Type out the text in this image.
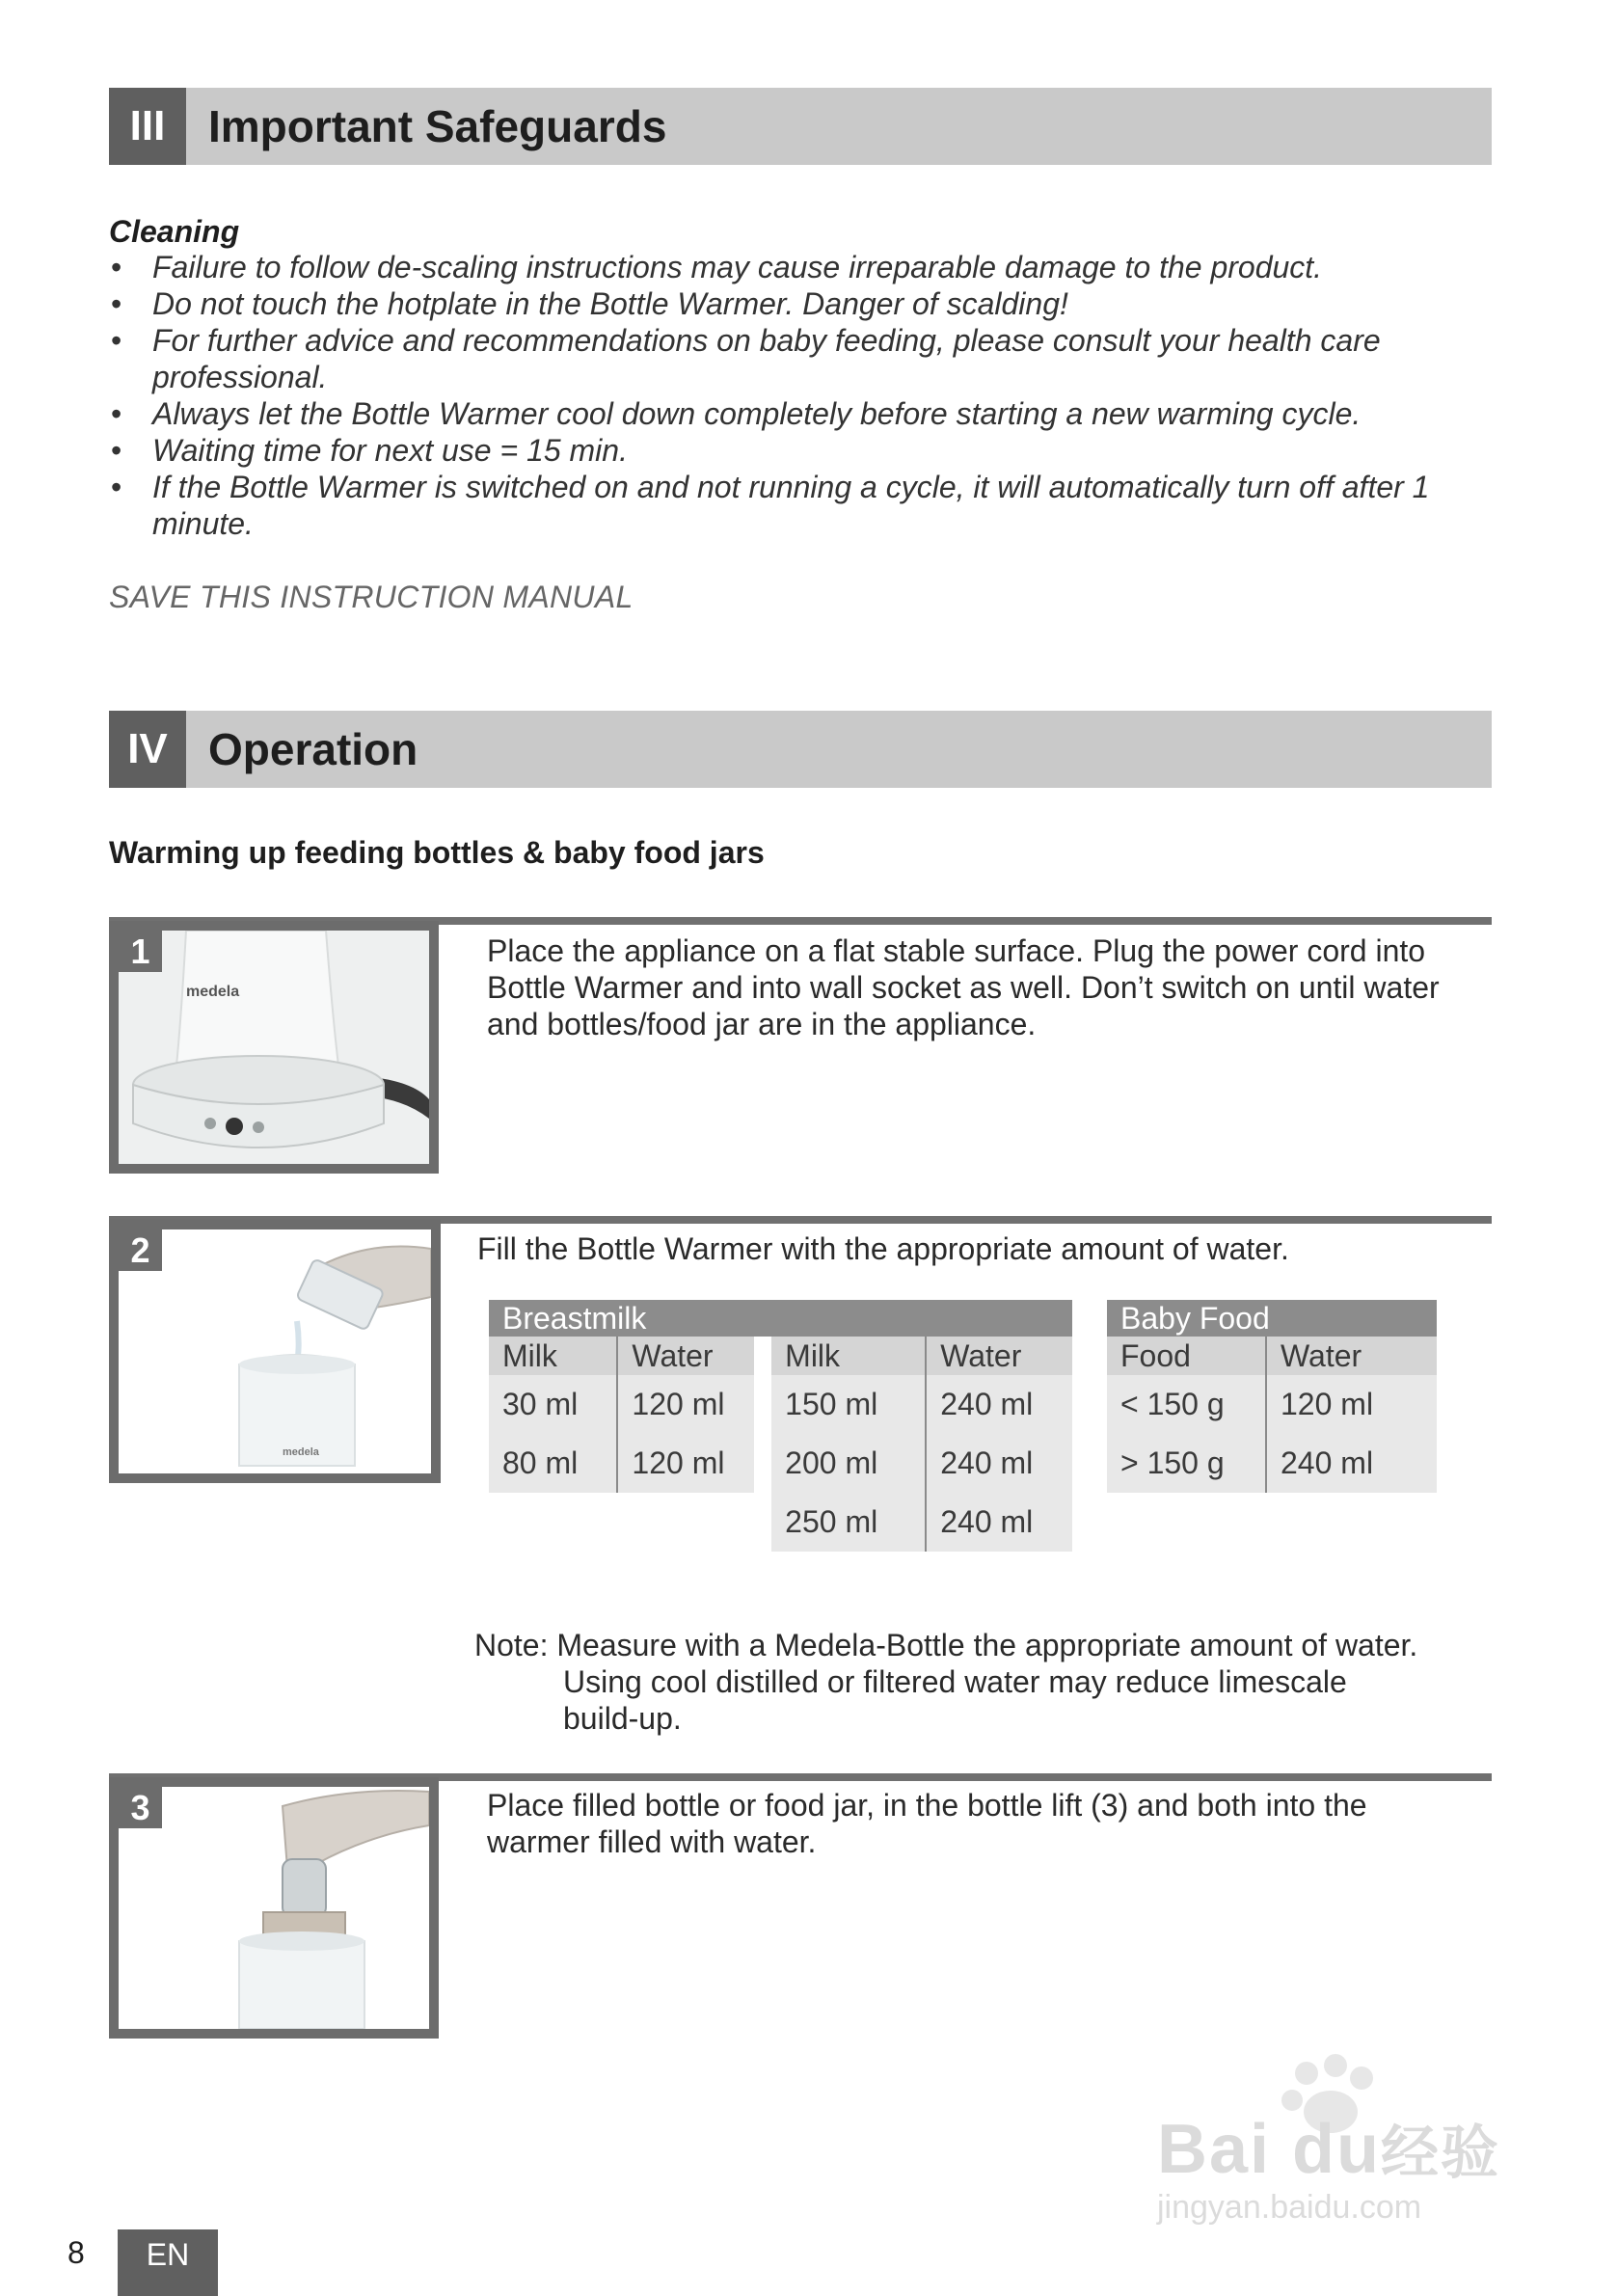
III Important Safeguards
Cleaning
• Failure to follow de-scaling instructions may cause irreparable damage to the product.
• Do not touch the hotplate in the Bottle Warmer. Danger of scalding!
• For further advice and recommendations on baby feeding, please consult your health care professional.
• Always let the Bottle Warmer cool down completely before starting a new warming cycle.
• Waiting time for next use = 15 min.
• If the Bottle Warmer is switched on and not running a cycle, it will automatically turn off after 1 minute.
SAVE THIS INSTRUCTION MANUAL
IV Operation
Warming up feeding bottles & baby food jars
1
medela
Place the appliance on a flat stable surface. Plug the power cord into Bottle Warmer and into wall socket as well. Don’t switch on until water and bottles/food jar are in the appliance.
2
medela
Fill the Bottle Warmer with the appropriate amount of water.
Breastmilk			
Milk	Water	Milk	Water
30 ml	120 ml	150 ml	240 ml
80 ml	120 ml	200 ml	240 ml
		250 ml	240 ml
Baby Food	
Food	Water
< 150 g	120 ml
> 150 g	240 ml
Note: Measure with a Medela-Bottle the appropriate amount of water.
Using cool distilled or filtered water may reduce limescale
build-up.
3	Place filled bottle or food jar, in the bottle lift (3) and both into the warmer filled with water.
Bai du经验
jingyan.baidu.com
8	EN
